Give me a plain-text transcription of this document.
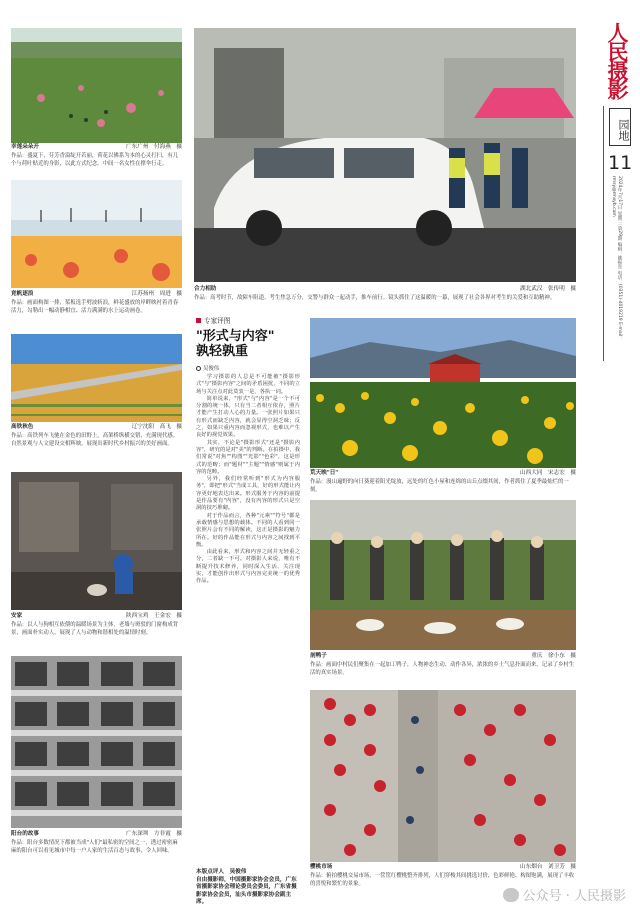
人民摄影
园地
11
2024年7月17日 星期三 第29期 编辑：姚振东 电话：(0351)-4019219 E-mail：rmsy@rmsyb.com
幸莲朵朵开	广东广州　付海燕　摄
作品：盛夏下，芬芳香溢绽开若丽，荷花以佛系为本的心灵打扫，有几个与荷叶贴近的身影，以此方式纪念。中间一名女性在撑伞行走。
竞帆逐浪	江苏扬州　周进　摄
作品：画面构图一排，桨板选手劈波斩浪，鲜花盛放的岸畔映衬着青春活力，勾勒出一幅动静相宜、活力满满的水上运动画卷。
高铁秋色	辽宁沈阳　高飞　摄
作品：高铁列车飞驰在金色的田野上，高架桥纵横交错，充满现代感。自然景观与人文建设交相辉映，展现出新时代乡村振兴的美好画面。
安家	陕西宝鸡　王金宏　摄
作品：以人与狗相互依偎的温暖场景为主体，老墙与斑驳的门窗构成背景，画面朴实动人，展现了人与动物和谐相处的温情时刻。
阳台的故事	广东深圳　方非霞　摄
作品：阳台多数情况下都被当成"人们"最私密的空间之一，透过密密麻麻的阳台可以看见城市中每一户人家的生活百态与故事，令人回味。
合力相助	湖北武汉　张传明　摄
作品：高考时节，故障车阻道。考生焦急万分，交警与群众一起动手，推车前行。镜头抓住了这温暖的一幕，展现了社会各界对考生的关爱和互助精神。
专家评图
"形式与内容"
孰轻孰重
吴俊伟

学习摄影的人总是不可能被"摄影形式"与"摄影内容"之间的矛盾困扰，不同的立场与关注点对此莫衷一是，各执一词。

简单说来，"形式"与"内容"是一个不可分割的统一体，只有当二者相互依存，照片才能产生打动人心的力量。一张照片如果只有形式而缺乏内容，就会显得空洞乏味；反之，如果只重内容而忽视形式，也难以产生良好的视觉效果。

其实，不论是"摄影形式"还是"摄影内容"，研究的是对"美"的判断。在拍摄中，我们常说"对焦""构图""光影""色彩"，这是形式的范畴；而"题材""主题""情感"则属于内容的范畴。

另外，我们经常听到"形式为内容服务"，即把"形式"当成工具，好的形式能让内容更好地表达出来。形式服务于内容的前提是作品要有"内容"，没有内容的形式只是空洞的技巧堆砌。

对于作品而言，各种"元素""符号"都是承载情感与思想的载体。不同的人看到同一张照片会有不同的解读，这正是摄影的魅力所在。好的作品能在形式与内容之间找到平衡。

由此看来，形式和内容之间并无轻重之分，二者缺一不可。对摄影人来说，唯有不断提升技术修养，同时深入生活、关注现实，才能创作出形式与内容完美统一的优秀作品。

本版点评人　吴俊伟
自由摄影师，中国摄影家协会会员，广东省摄影家协会理论委员会委员，广东省摄影家协会会员，汕头市摄影家协会副主席。
荒天映"日"	山西大同　宋志宏　摄
作品：漫山遍野的向日葵迎着阳光绽放，远处的红色小屋和连绵的山丘点缀其间，作者抓住了夏季最灿烂的一刻。
剖鸭子	重庆　徐小东　摄
作品：画面中村民们聚集在一起加工鸭子，人物神态生动、动作各异，浓浓的乡土气息扑面而来，记录了乡村生活的真实场景。
樱桃市场	山东烟台　刘卫芳　摄
作品：俯拍樱桃交易市场，一筐筐红樱桃整齐排列，人们穿梭其间挑选讨价，色彩鲜艳、构图饱满，展现了丰收的喜悦和繁忙的景象。
公众号 · 人民摄影
